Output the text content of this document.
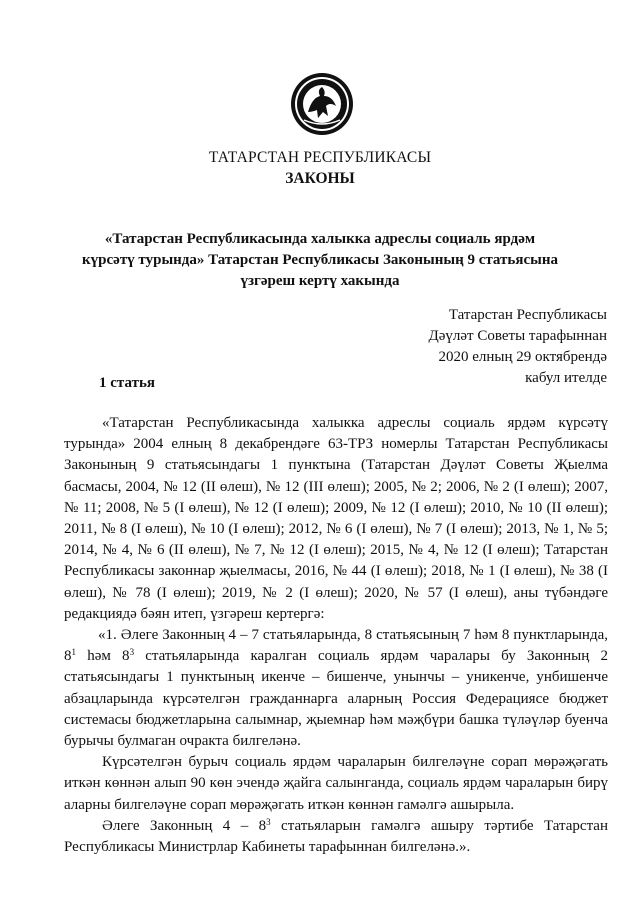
ТАТАРСТАН РЕСПУБЛИКАСЫ
ЗАКОНЫ
«Татарстан Республикасында халыкка адреслы социаль ярдәм
күрсәтү турында» Татарстан Республикасы Законының 9 статьясына
үзгәреш кертү хакында
Татарстан Республикасы
Дәүләт Советы тарафыннан
2020 елның 29 октябрендә
кабул ителде
1 статья

«Татарстан Республикасында халыкка адреслы социаль ярдәм күрсәтү турында» 2004 елның 8 декабрендәге 63-ТРЗ номерлы Татарстан Республикасы Законының 9 статьясындагы 1 пунктына (Татарстан Дәүләт Советы Җыелма басмасы, 2004, № 12 (II өлеш), № 12 (III өлеш); 2005, № 2; 2006, № 2 (I өлеш); 2007, № 11; 2008, № 5 (I өлеш), № 12 (I өлеш); 2009, № 12 (I өлеш); 2010, № 10 (II өлеш); 2011, № 8 (I өлеш), № 10 (I өлеш); 2012, № 6 (I өлеш), № 7 (I өлеш); 2013, № 1, № 5; 2014, № 4, № 6 (II өлеш), № 7, № 12 (I өлеш); 2015, № 4, № 12 (I өлеш); Татарстан Республикасы законнар җыелмасы, 2016, № 44 (I өлеш); 2018, № 1 (I өлеш), № 38 (I өлеш), № 78 (I өлеш); 2019, № 2 (I өлеш); 2020, № 57 (I өлеш), аны түбәндәге редакциядә бәян итеп, үзгәреш кертергә:

«1. Әлеге Законның 4 – 7 статьяларында, 8 статьясының 7 һәм 8 пунктларында, $8^1$ һәм $8^3$ статьяларында каралган социаль ярдәм чаралары бу Законның 2 статьясындагы 1 пунктының икенче – бишенче, унынчы – уникенче, унбишенче абзацларында күрсәтелгән гражданнарга аларның Россия Федерациясе бюджет системасы бюджетларына салымнар, җыемнар һәм мәҗбүри башка түләүләр буенча бурычы булмаган очракта билгеләнә.

Күрсәтелгән бурыч социаль ярдәм чараларын билгеләүне сорап мөрәҗәгать иткән көннән алып 90 көн эчендә җайга салынганда, социаль ярдәм чараларын бирү аларны билгеләүне сорап мөрәҗәгать иткән көннән гамәлгә ашырыла.

Әлеге Законның $4 - 8^3$ статьяларын гамәлгә ашыру тәртибе Татарстан Республикасы Министрлар Кабинеты тарафыннан билгеләнә.».
